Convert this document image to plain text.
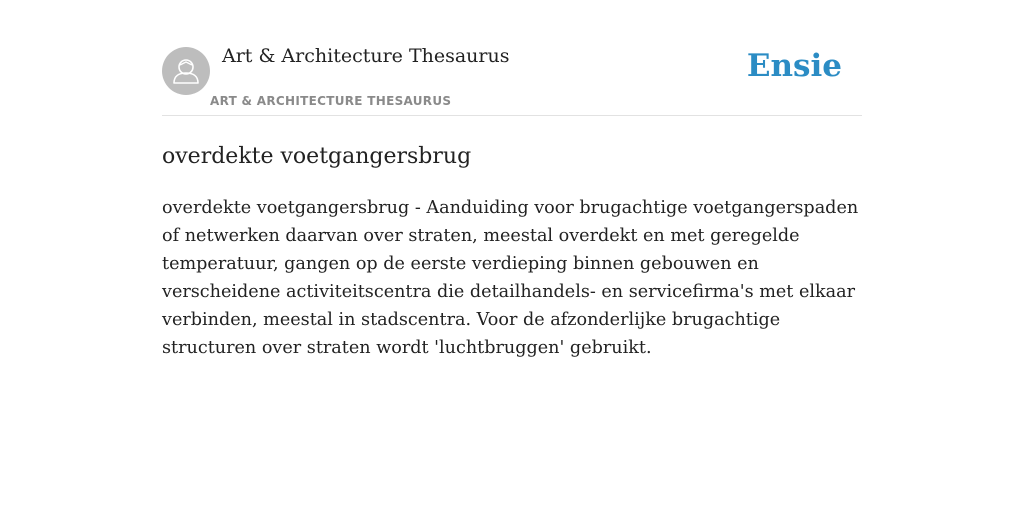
Art & Architecture Thesaurus
ART & ARCHITECTURE THESAURUS
Ensie
overdekte voetgangersbrug

overdekte voetgangersbrug - Aanduiding voor brugachtige voetgangerspaden of netwerken daarvan over straten, meestal overdekt en met geregelde temperatuur, gangen op de eerste verdieping binnen gebouwen en verscheidene activiteitscentra die detailhandels- en servicefirma's met elkaar verbinden, meestal in stadscentra. Voor de afzonderlijke brugachtige structuren over straten wordt 'luchtbruggen' gebruikt.
